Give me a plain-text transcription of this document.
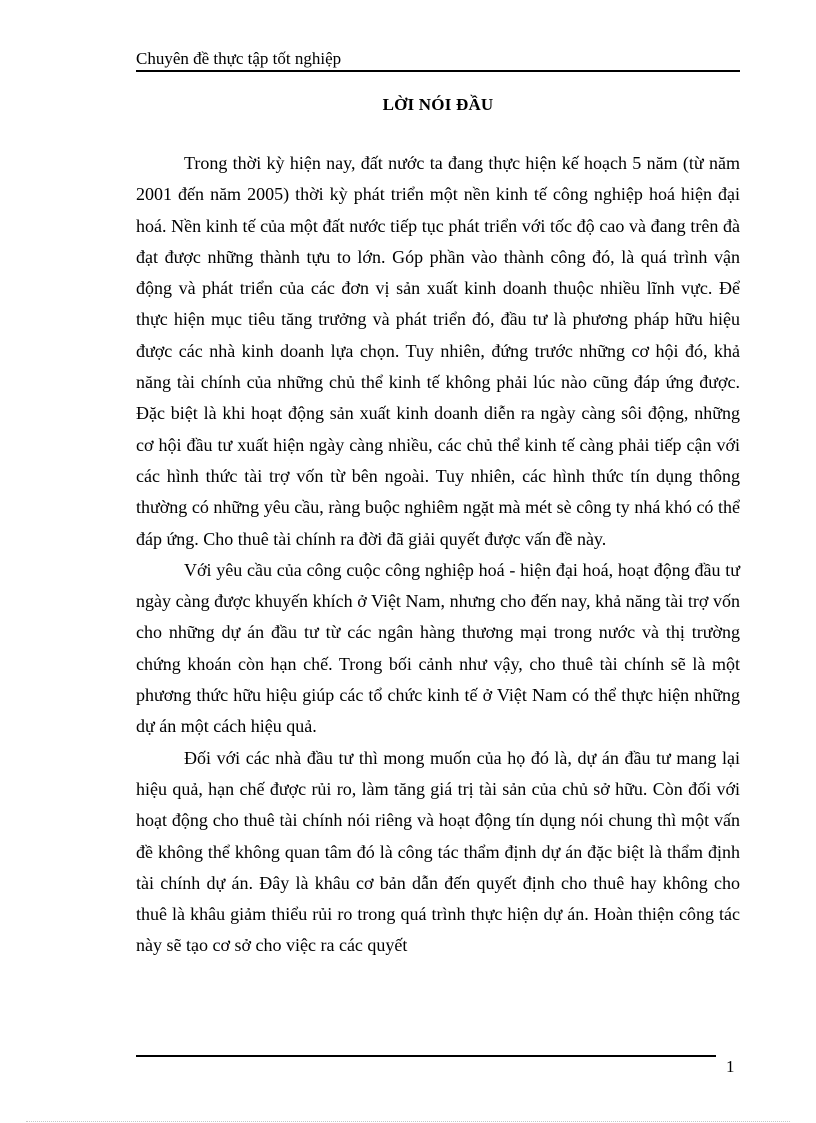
Chuyên đề thực tập tốt nghiệp
LỜI NÓI ĐẦU

Trong thời kỳ hiện nay, đất nước ta đang thực hiện kế hoạch 5 năm (từ năm 2001 đến năm 2005) thời kỳ phát triển một nền kinh tế công nghiệp hoá hiện đại hoá. Nền kinh tế của một đất nước tiếp tục phát triển với tốc độ cao và đang trên đà đạt được những thành tựu to lớn. Góp phần vào thành công đó, là quá trình vận động và phát triển của các đơn vị sản xuất kinh doanh thuộc nhiều lĩnh vực. Để thực hiện mục tiêu tăng trưởng và phát triển đó, đầu tư là phương pháp hữu hiệu được các nhà kinh doanh lựa chọn. Tuy nhiên, đứng trước những cơ hội đó, khả năng tài chính của những chủ thể kinh tế không phải lúc nào cũng đáp ứng được. Đặc biệt là khi hoạt động sản xuất kinh doanh diễn ra ngày càng sôi động, những cơ hội đầu tư xuất hiện ngày càng nhiều, các chủ thể kinh tế càng phải tiếp cận với các hình thức tài trợ vốn từ bên ngoài. Tuy nhiên, các hình thức tín dụng thông thường có những yêu cầu, ràng buộc nghiêm ngặt mà mét sè công ty nhá khó có thể đáp ứng. Cho thuê tài chính ra đời đã giải quyết được vấn đề này.

Với yêu cầu của công cuộc công nghiệp hoá - hiện đại hoá, hoạt động đầu tư ngày càng được khuyến khích ở Việt Nam, nhưng cho đến nay, khả năng tài trợ vốn cho những dự án đầu tư từ các ngân hàng thương mại trong nước và thị trường chứng khoán còn hạn chế. Trong bối cảnh như vậy, cho thuê tài chính sẽ là một phương thức hữu hiệu giúp các tổ chức kinh tế ở Việt Nam có thể thực hiện những dự án một cách hiệu quả.

Đối với các nhà đầu tư thì mong muốn của họ đó là, dự án đầu tư mang lại hiệu quả, hạn chế được rủi ro, làm tăng giá trị tài sản của chủ sở hữu. Còn đối với hoạt động cho thuê tài chính nói riêng và hoạt động tín dụng nói chung thì một vấn đề không thể không quan tâm đó là công tác thẩm định dự án đặc biệt là thẩm định tài chính dự án. Đây là khâu cơ bản dẫn đến quyết định cho thuê hay không cho thuê là khâu giảm thiểu rủi ro trong quá trình thực hiện dự án. Hoàn thiện công tác này sẽ tạo cơ sở cho việc ra các quyết

1
